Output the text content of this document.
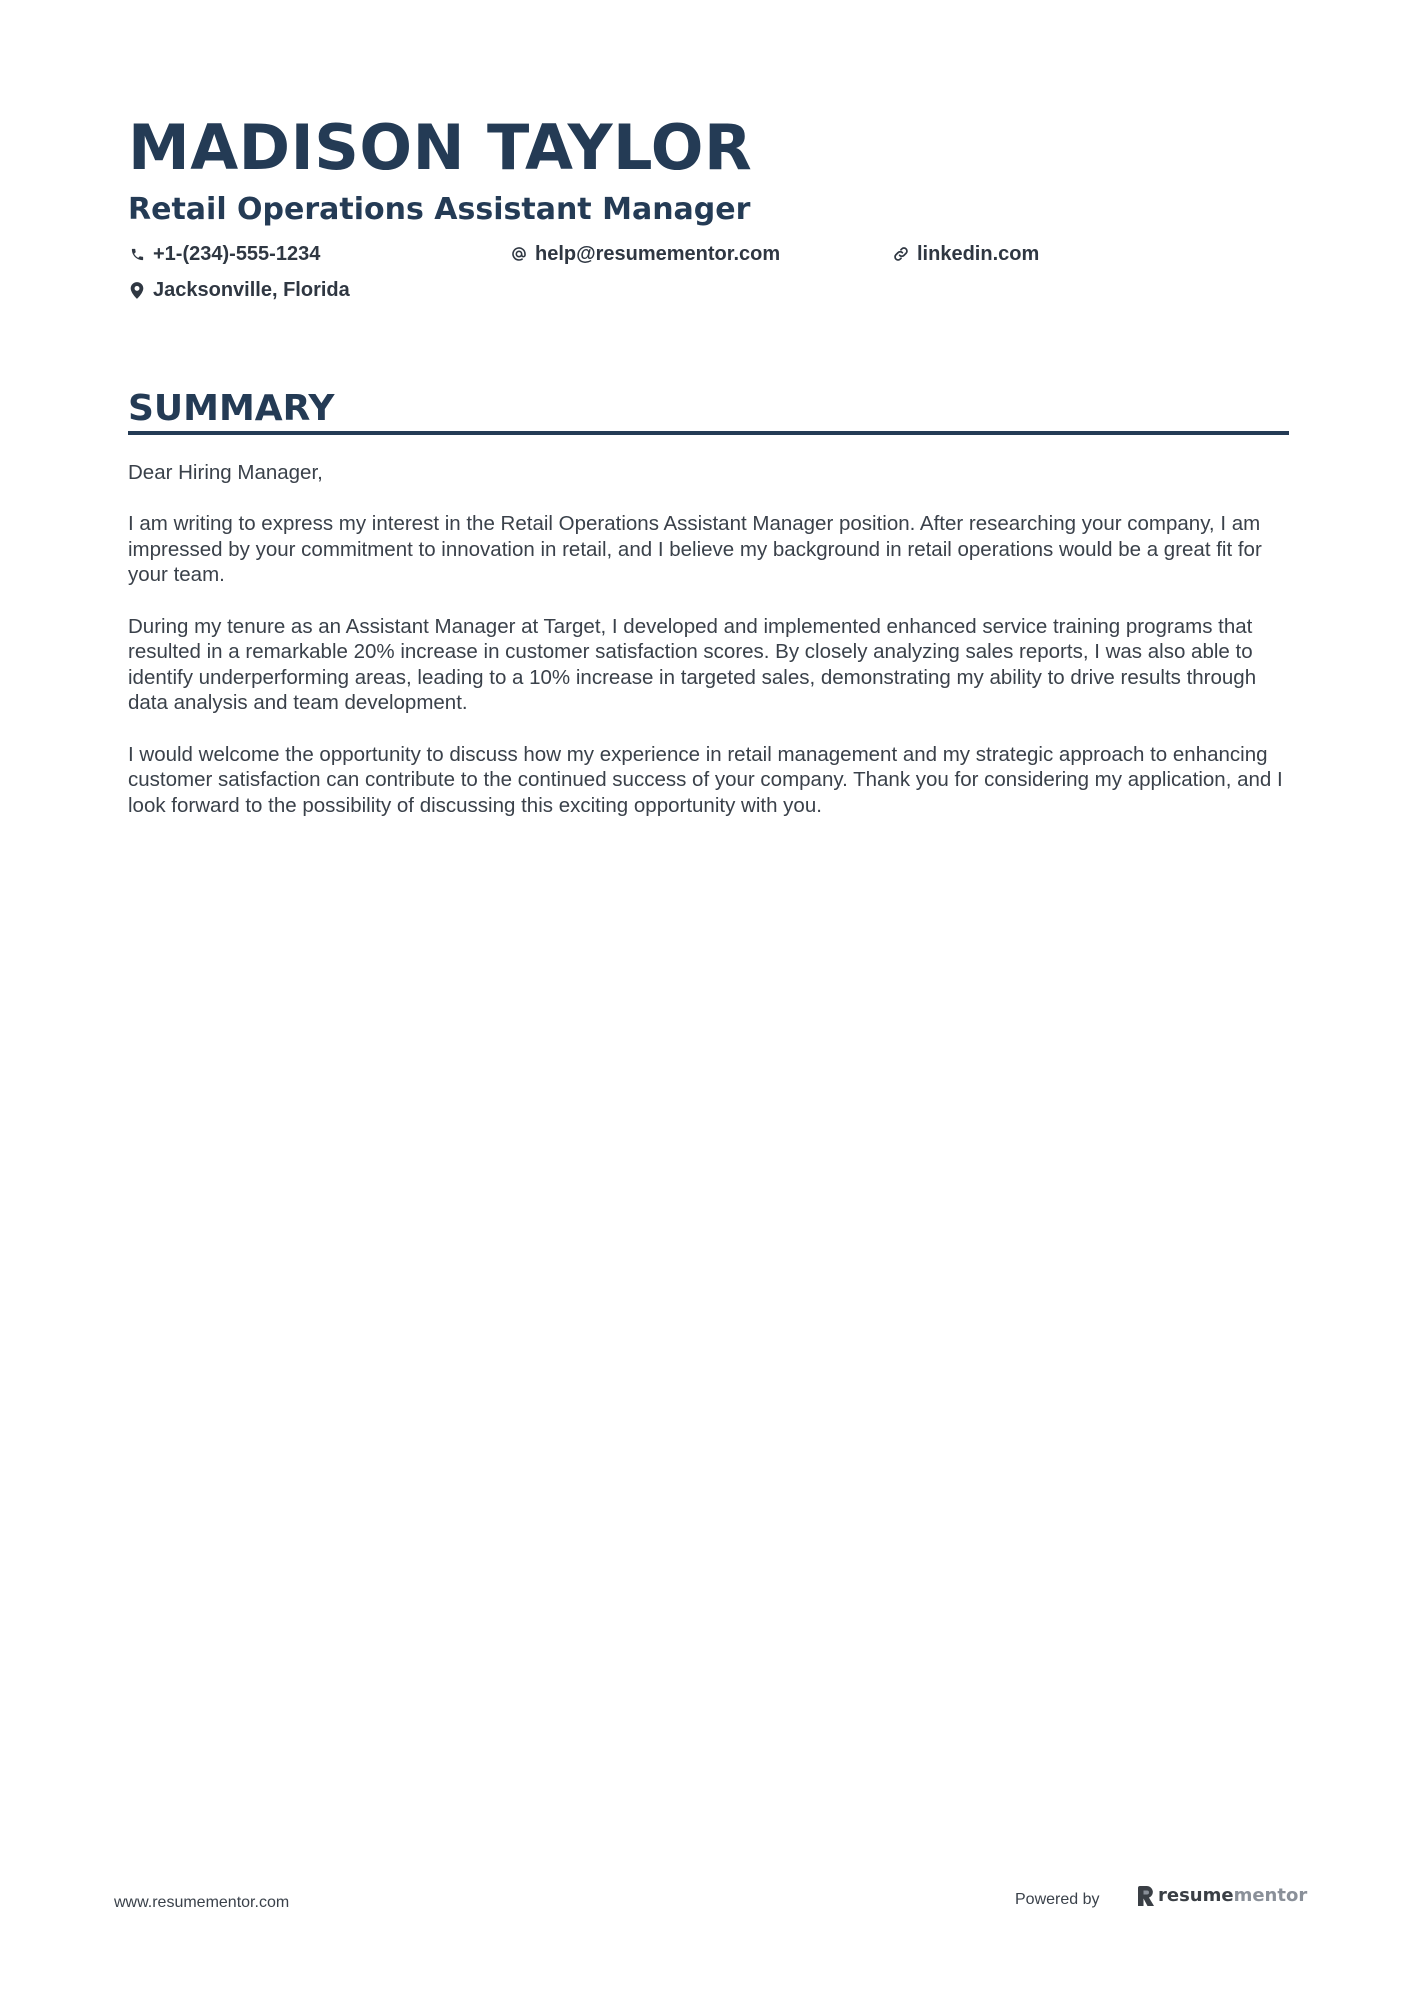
MADISON TAYLOR
Retail Operations Assistant Manager
+1-(234)-555-1234	help@resumementor.com	linkedin.com
Jacksonville, Florida
SUMMARY

Dear Hiring Manager,

I am writing to express my interest in the Retail Operations Assistant Manager position. After researching your company, I am impressed by your commitment to innovation in retail, and I believe my background in retail operations would be a great fit for your team.

During my tenure as an Assistant Manager at Target, I developed and implemented enhanced service training programs that resulted in a remarkable 20% increase in customer satisfaction scores. By closely analyzing sales reports, I was also able to identify underperforming areas, leading to a 10% increase in targeted sales, demonstrating my ability to drive results through data analysis and team development.

I would welcome the opportunity to discuss how my experience in retail management and my strategic approach to enhancing customer satisfaction can contribute to the continued success of your company. Thank you for considering my application, and I look forward to the possibility of discussing this exciting opportunity with you.

www.resumementor.com	Powered by	resume mentor
